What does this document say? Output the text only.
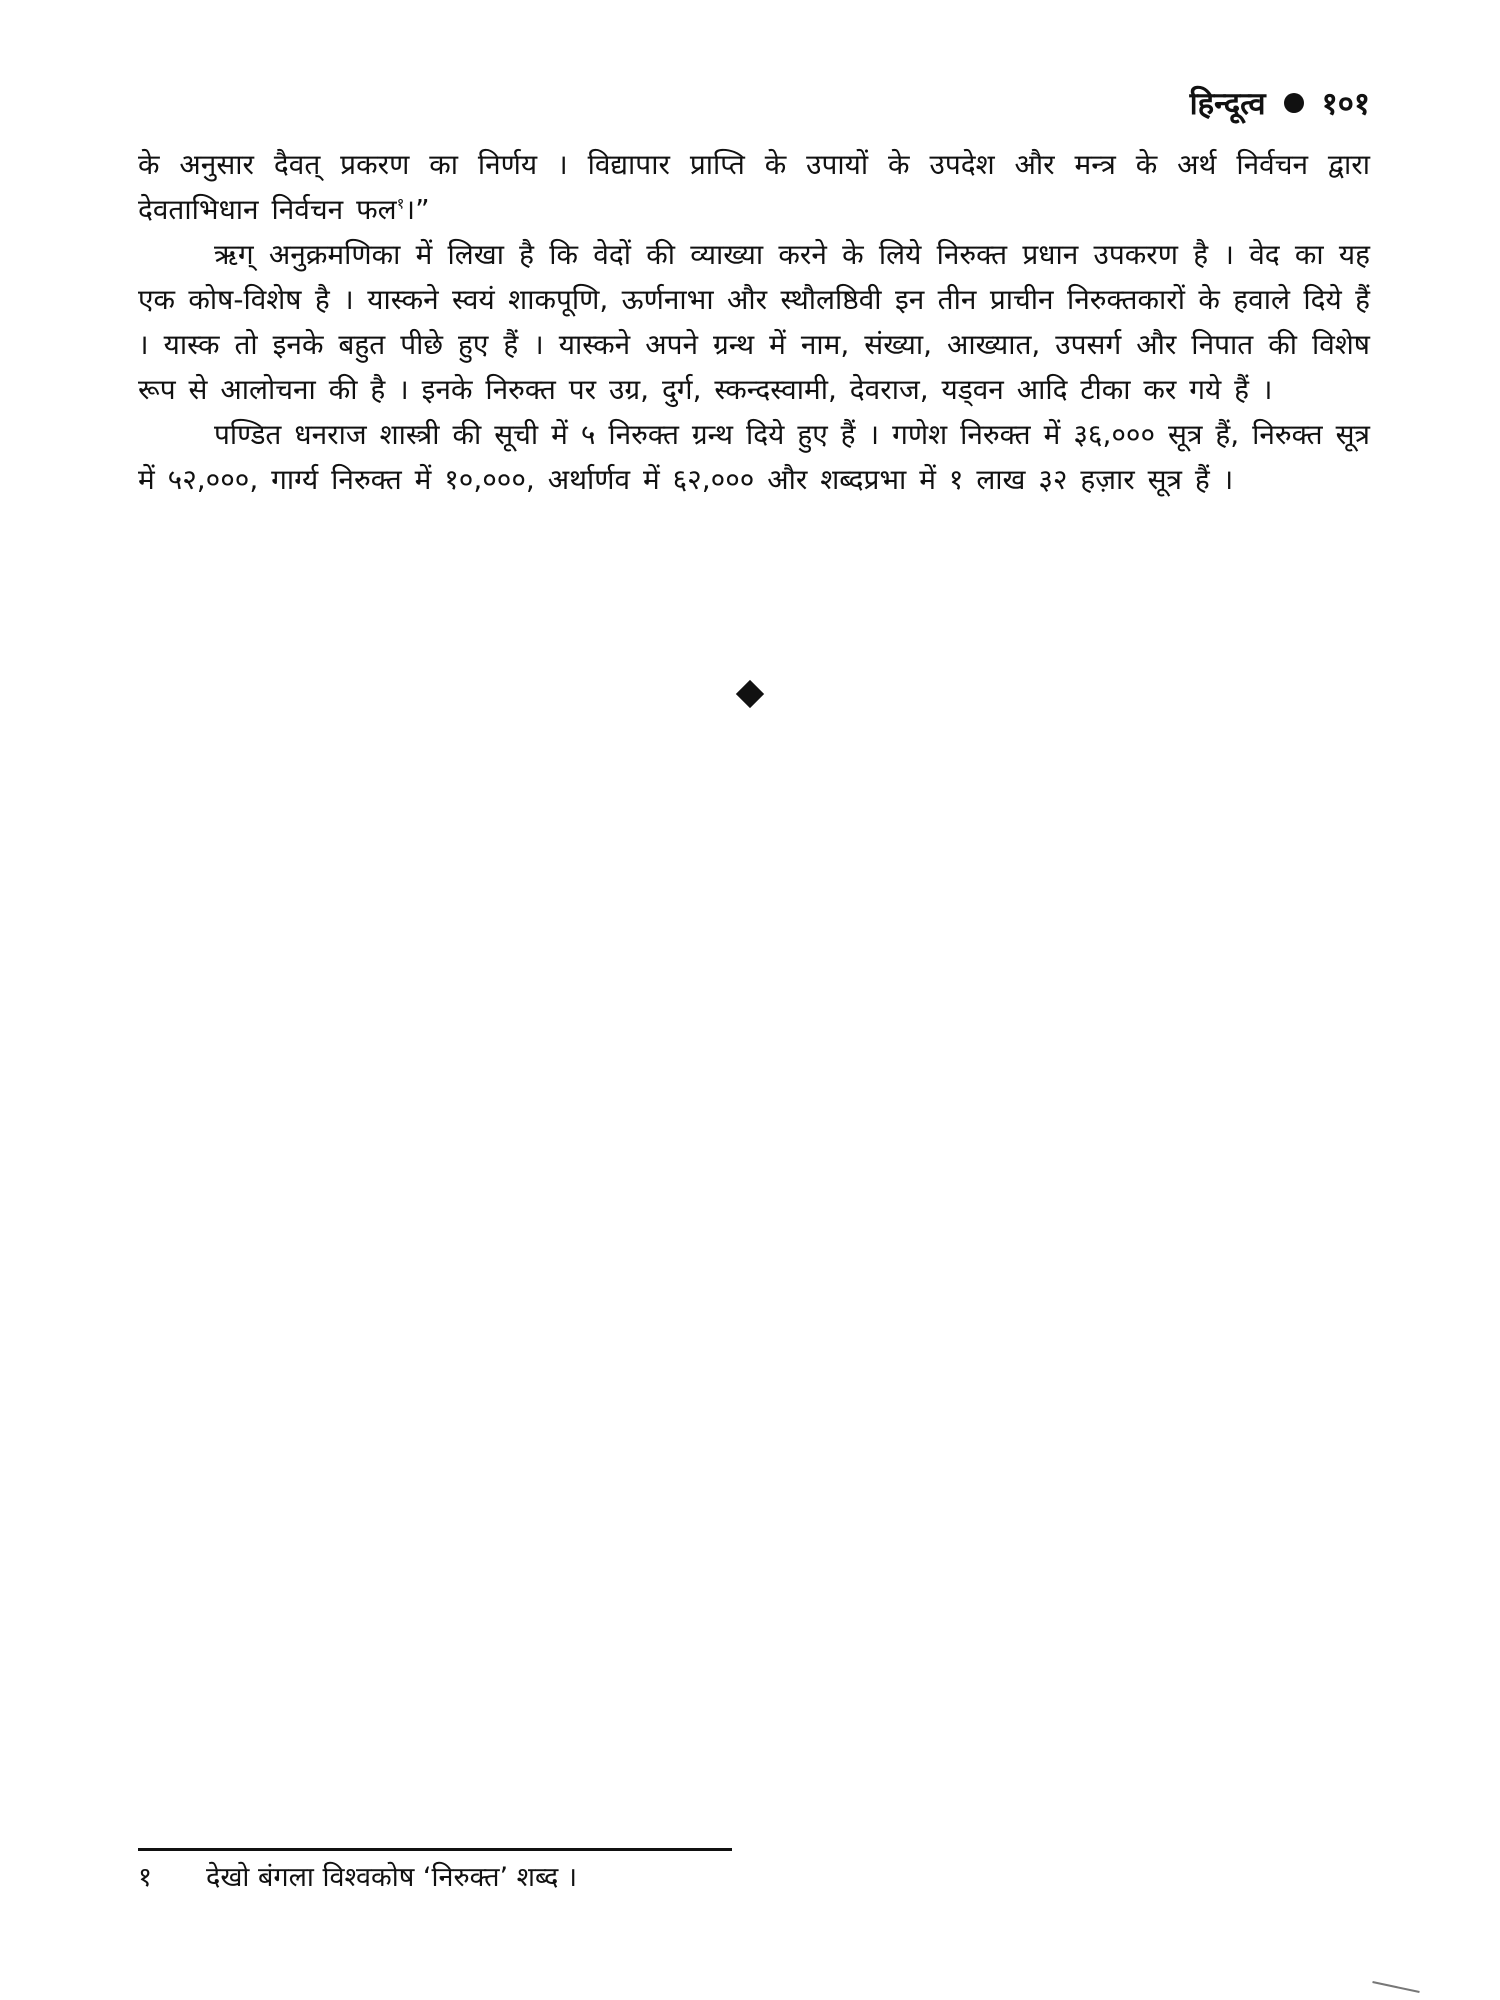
हिन्दूत्व १०१

के अनुसार दैवत् प्रकरण का निर्णय । विद्यापार प्राप्ति के उपायों के उपदेश और मन्त्र के अर्थ निर्वचन द्वारा देवताभिधान निर्वचन फल$^१$।”

ऋग् अनुक्रमणिका में लिखा है कि वेदों की व्याख्या करने के लिये निरुक्त प्रधान उपकरण है । वेद का यह एक कोष-विशेष है । यास्कने स्वयं शाकपूणि, ऊर्णनाभा और स्थौलष्ठिवी इन तीन प्राचीन निरुक्तकारों के हवाले दिये हैं । यास्क तो इनके बहुत पीछे हुए हैं । यास्कने अपने ग्रन्थ में नाम, संख्या, आख्यात, उपसर्ग और निपात की विशेष रूप से आलोचना की है । इनके निरुक्त पर उग्र, दुर्ग, स्कन्दस्वामी, देवराज, यड्वन आदि टीका कर गये हैं ।

पण्डित धनराज शास्त्री की सूची में ५ निरुक्त ग्रन्थ दिये हुए हैं । गणेश निरुक्त में ३६,००० सूत्र हैं, निरुक्त सूत्र में ५२,०००, गार्ग्य निरुक्त में १०,०००, अर्थार्णव में ६२,००० और शब्दप्रभा में १ लाख ३२ हज़ार सूत्र हैं ।

१ देखो बंगला विश्वकोष ‘निरुक्त’ शब्द ।
